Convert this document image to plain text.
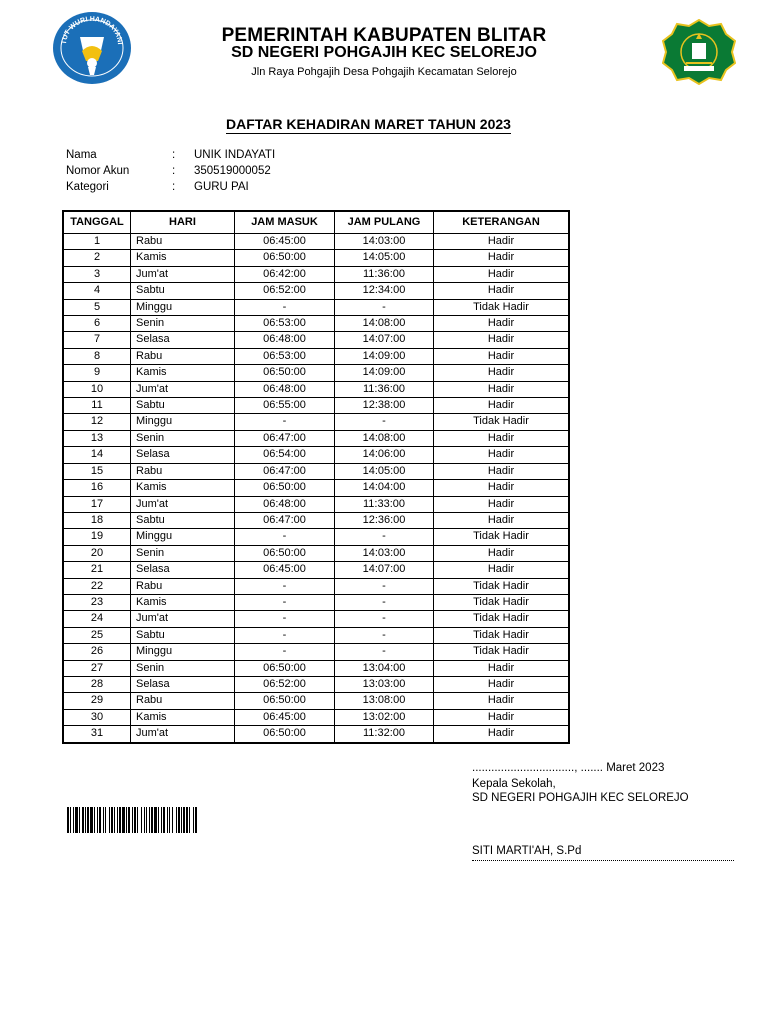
TUT WURI HANDAYANI	PEMERINTAH KABUPATEN BLITAR
SD NEGERI POHGAJIH KEC SELOREJO
Jln Raya Pohgajih Desa Pohgajih Kecamatan Selorejo
DAFTAR KEHADIRAN MARET TAHUN 2023
Nama	:	UNIK INDAYATI
Nomor Akun	:	350519000052
Kategori	:	GURU PAI
TANGGAL	HARI	JAM MASUK	JAM PULANG	KETERANGAN
1	Rabu	06:45:00	14:03:00	Hadir
2	Kamis	06:50:00	14:05:00	Hadir
3	Jum'at	06:42:00	11:36:00	Hadir
4	Sabtu	06:52:00	12:34:00	Hadir
5	Minggu	-	-	Tidak Hadir
6	Senin	06:53:00	14:08:00	Hadir
7	Selasa	06:48:00	14:07:00	Hadir
8	Rabu	06:53:00	14:09:00	Hadir
9	Kamis	06:50:00	14:09:00	Hadir
10	Jum'at	06:48:00	11:36:00	Hadir
11	Sabtu	06:55:00	12:38:00	Hadir
12	Minggu	-	-	Tidak Hadir
13	Senin	06:47:00	14:08:00	Hadir
14	Selasa	06:54:00	14:06:00	Hadir
15	Rabu	06:47:00	14:05:00	Hadir
16	Kamis	06:50:00	14:04:00	Hadir
17	Jum'at	06:48:00	11:33:00	Hadir
18	Sabtu	06:47:00	12:36:00	Hadir
19	Minggu	-	-	Tidak Hadir
20	Senin	06:50:00	14:03:00	Hadir
21	Selasa	06:45:00	14:07:00	Hadir
22	Rabu	-	-	Tidak Hadir
23	Kamis	-	-	Tidak Hadir
24	Jum'at	-	-	Tidak Hadir
25	Sabtu	-	-	Tidak Hadir
26	Minggu	-	-	Tidak Hadir
27	Senin	06:50:00	13:04:00	Hadir
28	Selasa	06:52:00	13:03:00	Hadir
29	Rabu	06:50:00	13:08:00	Hadir
30	Kamis	06:45:00	13:02:00	Hadir
31	Jum'at	06:50:00	11:32:00	Hadir
................................, ....... Maret 2023
Kepala Sekolah,
SD NEGERI POHGAJIH KEC SELOREJO
SITI MARTI'AH, S.Pd
